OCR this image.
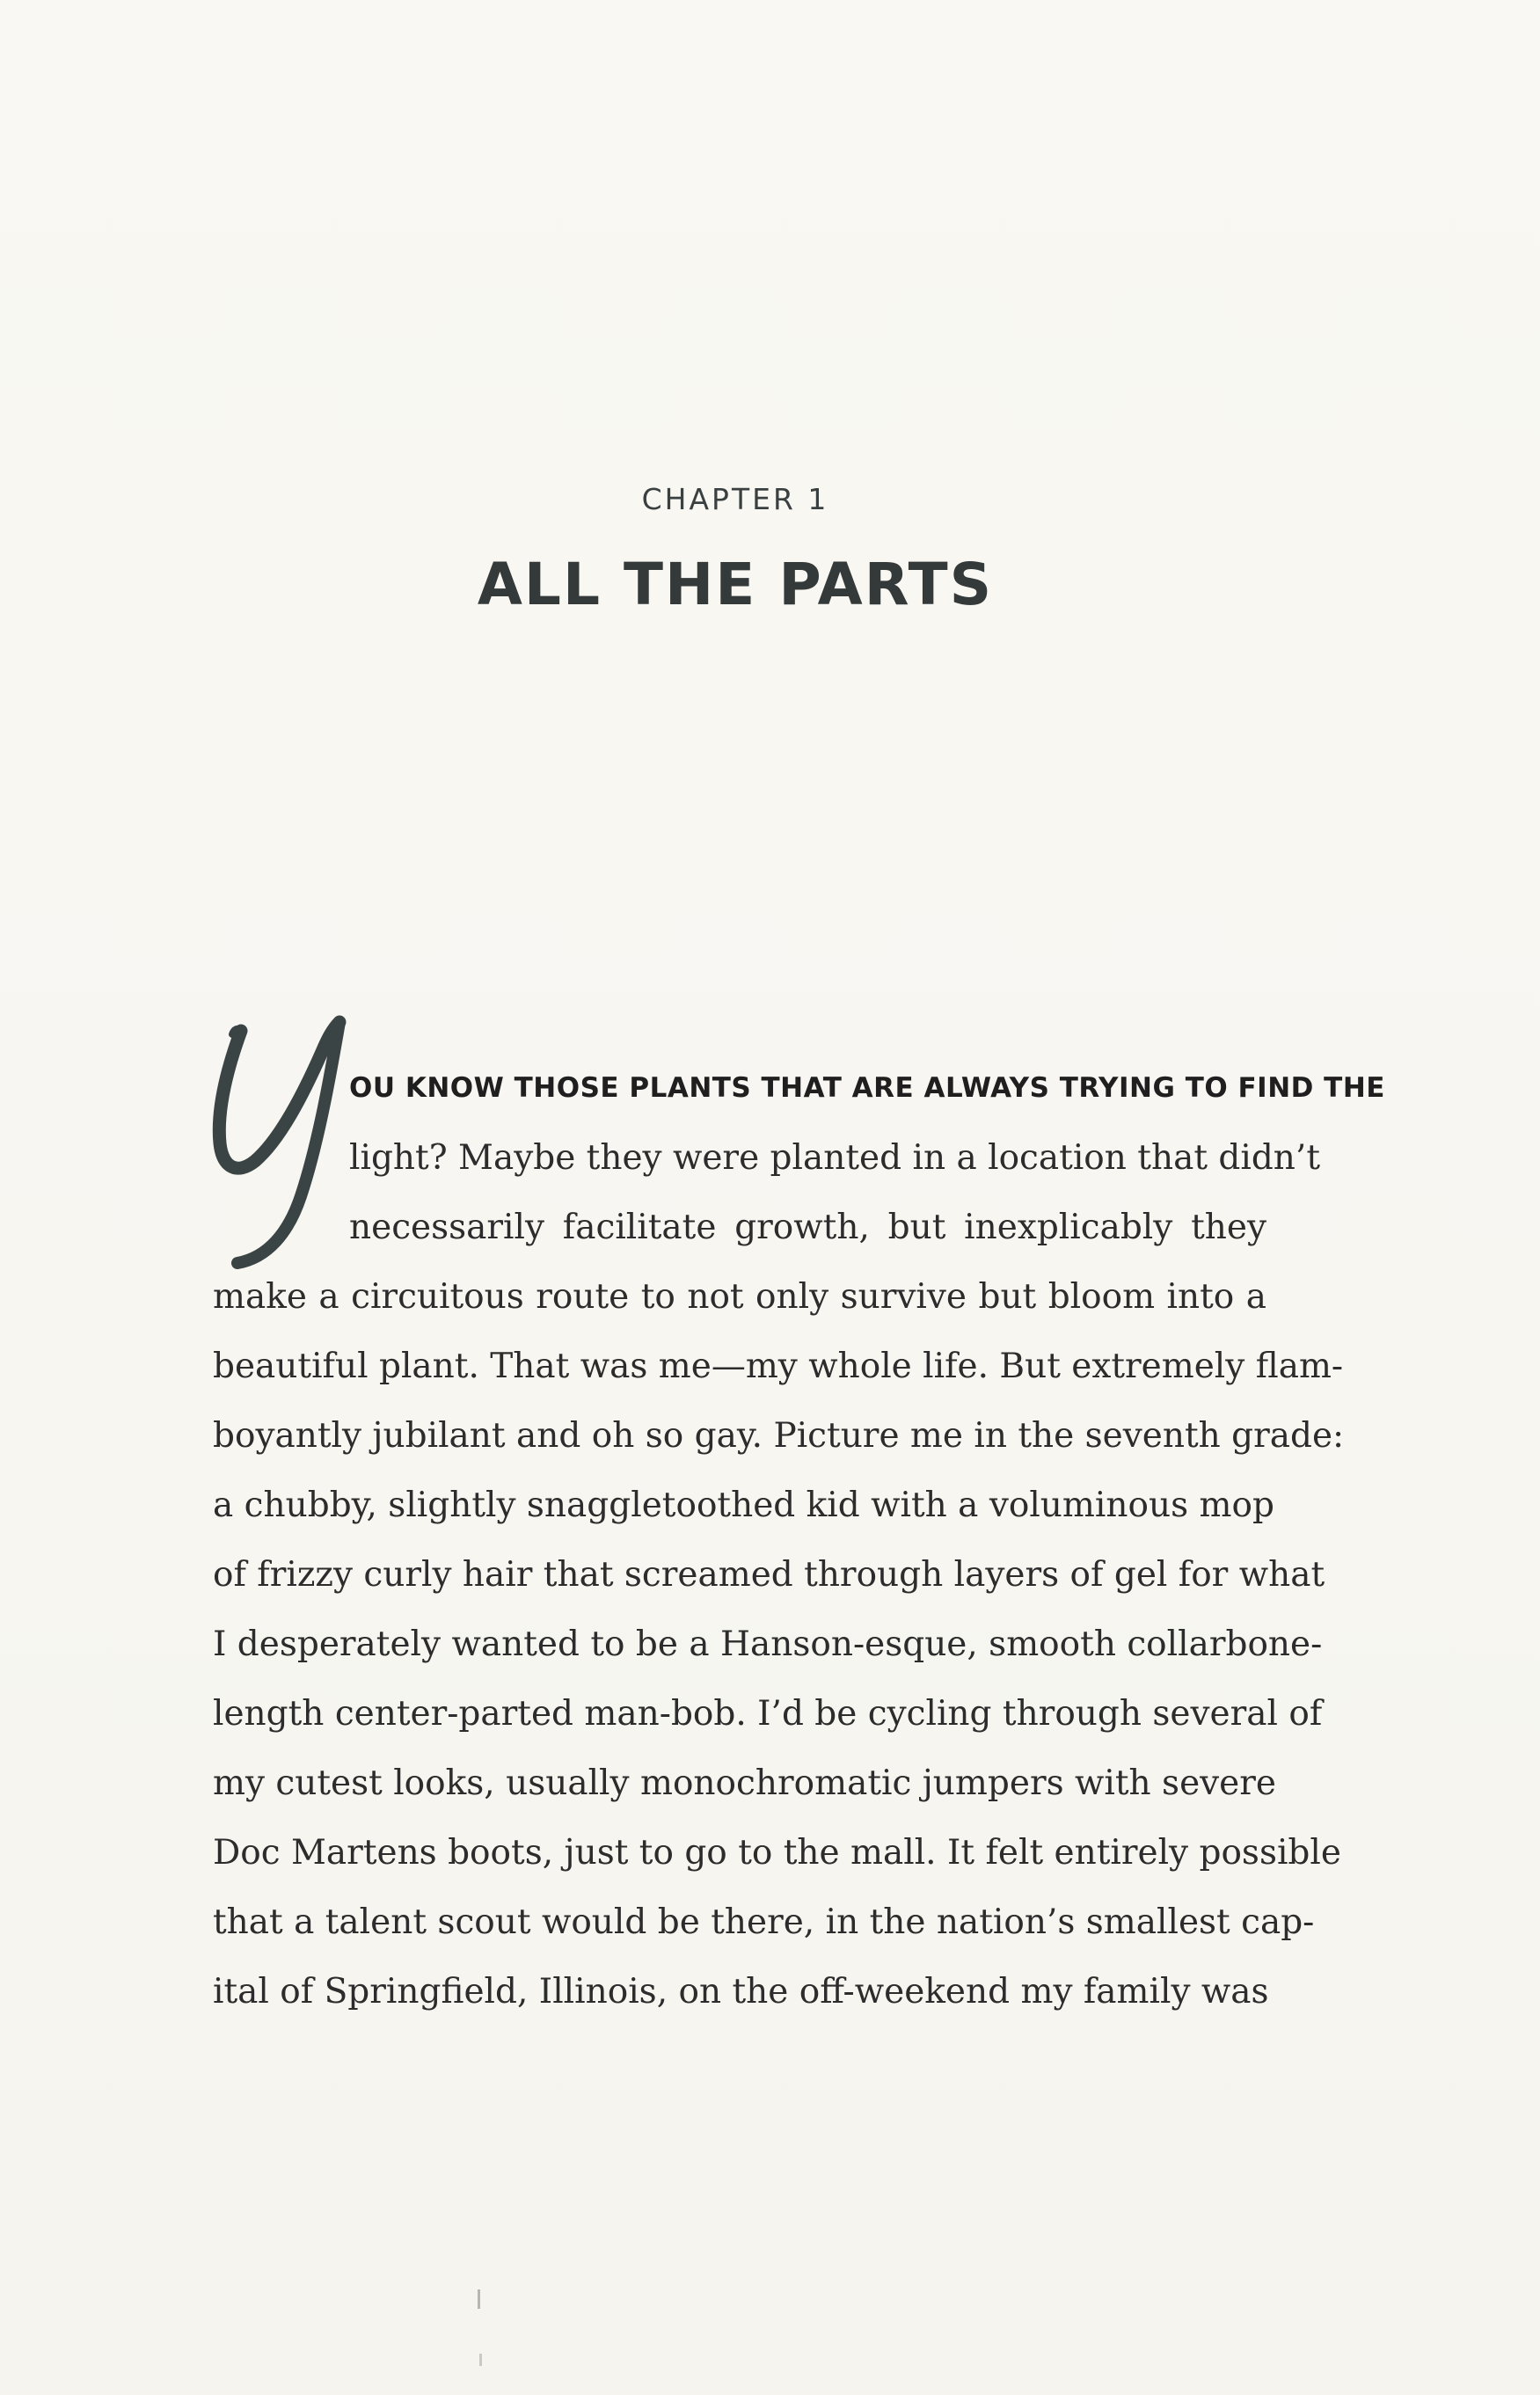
CHAPTER 1
ALL THE PARTS
OU KNOW THOSE PLANTS THAT ARE ALWAYS TRYING TO FIND THE
light? Maybe they were planted in a location that didn’t
necessarily facilitate growth, but inexplicably they
make a circuitous route to not only survive but bloom into a
beautiful plant. That was me—my whole life. But extremely flam-
boyantly jubilant and oh so gay. Picture me in the seventh grade:
a chubby, slightly snaggletoothed kid with a voluminous mop
of frizzy curly hair that screamed through layers of gel for what
I desperately wanted to be a Hanson-esque, smooth collarbone-
length center-parted man-bob. I’d be cycling through several of
my cutest looks, usually monochromatic jumpers with severe
Doc Martens boots, just to go to the mall. It felt entirely possible
that a talent scout would be there, in the nation’s smallest cap-
ital of Springfield, Illinois, on the off-weekend my family was
